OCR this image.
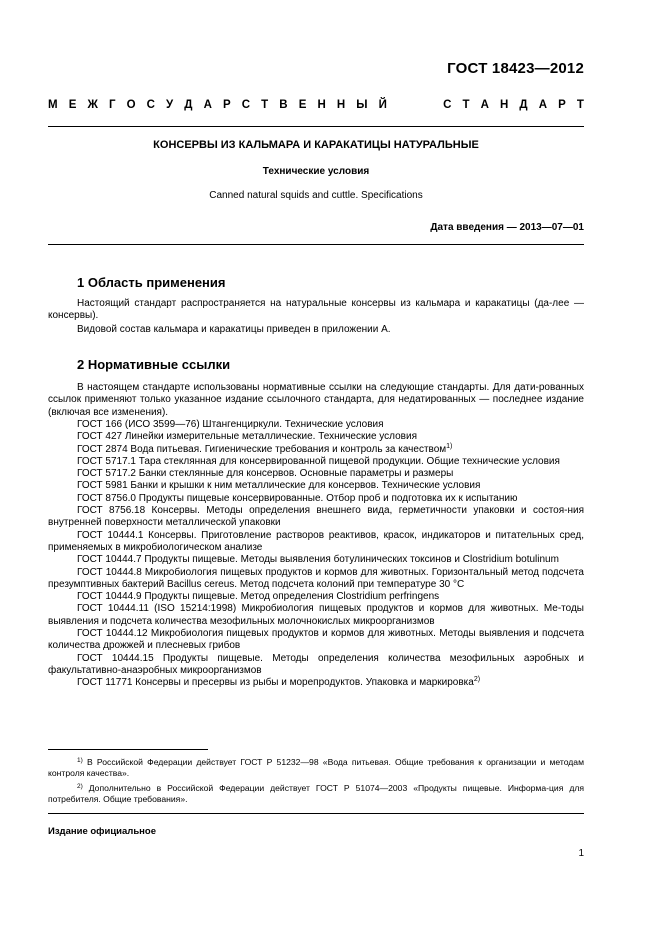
ГОСТ 18423—2012
М Е Ж Г О С У Д А Р С Т В Е Н Н Ы Й	С Т А Н Д А Р Т
КОНСЕРВЫ ИЗ КАЛЬМАРА И КАРАКАТИЦЫ НАТУРАЛЬНЫЕ
Технические условия
Canned natural squids and cuttle. Specifications
Дата введения — 2013—07—01
1 Область применения
Настоящий стандарт распространяется на натуральные консервы из кальмара и каракатицы (да-лее — консервы).
Видовой состав кальмара и каракатицы приведен в приложении А.
2 Нормативные ссылки
В настоящем стандарте использованы нормативные ссылки на следующие стандарты. Для дати-рованных ссылок применяют только указанное издание ссылочного стандарта, для недатированных — последнее издание (включая все изменения).

ГОСТ 166 (ИСО 3599—76) Штангенциркули. Технические условия

ГОСТ 427 Линейки измерительные металлические. Технические условия

ГОСТ 2874 Вода питьевая. Гигиенические требования и контроль за качеством$^{1)}$

ГОСТ 5717.1 Тара стеклянная для консервированной пищевой продукции. Общие технические условия

ГОСТ 5717.2 Банки стеклянные для консервов. Основные параметры и размеры

ГОСТ 5981 Банки и крышки к ним металлические для консервов. Технические условия

ГОСТ 8756.0 Продукты пищевые консервированные. Отбор проб и подготовка их к испытанию

ГОСТ 8756.18 Консервы. Методы определения внешнего вида, герметичности упаковки и состоя-ния внутренней поверхности металлической упаковки

ГОСТ 10444.1 Консервы. Приготовление растворов реактивов, красок, индикаторов и питательных сред, применяемых в микробиологическом анализе

ГОСТ 10444.7 Продукты пищевые. Методы выявления ботулинических токсинов и Clostridium botulinum

ГОСТ 10444.8 Микробиология пищевых продуктов и кормов для животных. Горизонтальный метод подсчета презумптивных бактерий Bacillus cereus. Метод подсчета колоний при температуре 30 °С

ГОСТ 10444.9 Продукты пищевые. Метод определения Clostridium perfringens

ГОСТ 10444.11 (ISO 15214:1998) Микробиология пищевых продуктов и кормов для животных. Ме-тоды выявления и подсчета количества мезофильных молочнокислых микроорганизмов

ГОСТ 10444.12 Микробиология пищевых продуктов и кормов для животных. Методы выявления и подсчета количества дрожжей и плесневых грибов

ГОСТ 10444.15 Продукты пищевые. Методы определения количества мезофильных аэробных и факультативно-анаэробных микроорганизмов

ГОСТ 11771 Консервы и пресервы из рыбы и морепродуктов. Упаковка и маркировка$^{2)}$

$^{1)}$ В Российской Федерации действует ГОСТ Р 51232—98 «Вода питьевая. Общие требования к организации и методам контроля качества».
$^{2)}$ Дополнительно в Российской Федерации действует ГОСТ Р 51074—2003 «Продукты пищевые. Информа-ция для потребителя. Общие требования».
Издание официальное
1
